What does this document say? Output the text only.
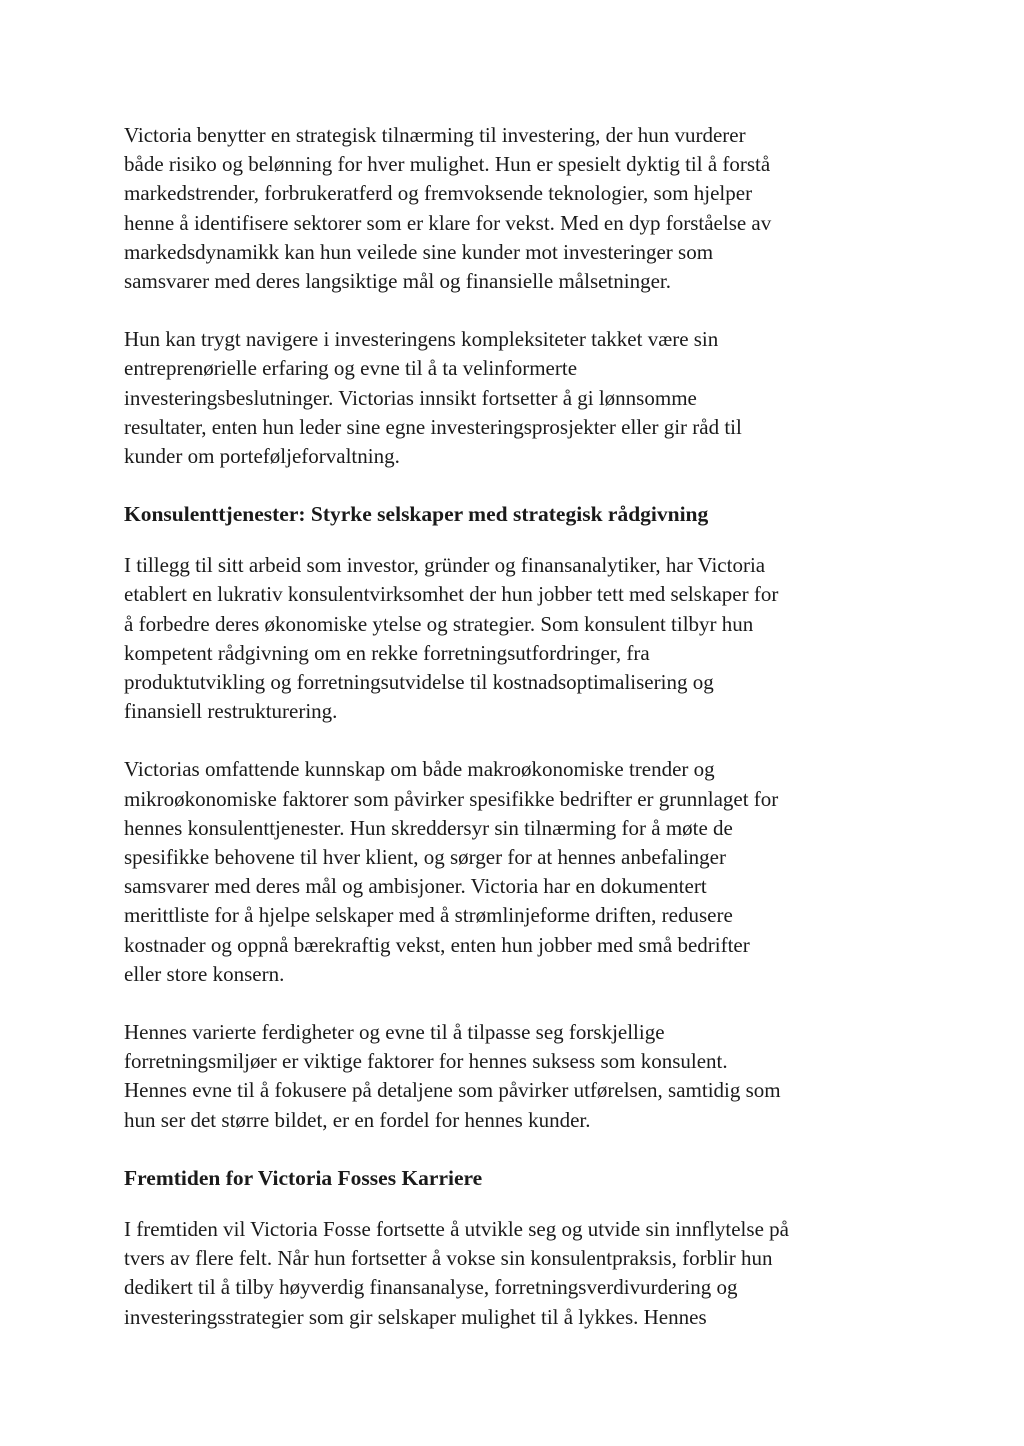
Victoria benytter en strategisk tilnærming til investering, der hun vurderer
både risiko og belønning for hver mulighet. Hun er spesielt dyktig til å forstå
markedstrender, forbrukeratferd og fremvoksende teknologier, som hjelper
henne å identifisere sektorer som er klare for vekst. Med en dyp forståelse av
markedsdynamikk kan hun veilede sine kunder mot investeringer som
samsvarer med deres langsiktige mål og finansielle målsetninger.

Hun kan trygt navigere i investeringens kompleksiteter takket være sin
entreprenørielle erfaring og evne til å ta velinformerte
investeringsbeslutninger. Victorias innsikt fortsetter å gi lønnsomme
resultater, enten hun leder sine egne investeringsprosjekter eller gir råd til
kunder om porteføljeforvaltning.

Konsulenttjenester: Styrke selskaper med strategisk rådgivning

I tillegg til sitt arbeid som investor, gründer og finansanalytiker, har Victoria
etablert en lukrativ konsulentvirksomhet der hun jobber tett med selskaper for
å forbedre deres økonomiske ytelse og strategier. Som konsulent tilbyr hun
kompetent rådgivning om en rekke forretningsutfordringer, fra
produktutvikling og forretningsutvidelse til kostnadsoptimalisering og
finansiell restrukturering.

Victorias omfattende kunnskap om både makroøkonomiske trender og
mikroøkonomiske faktorer som påvirker spesifikke bedrifter er grunnlaget for
hennes konsulenttjenester. Hun skreddersyr sin tilnærming for å møte de
spesifikke behovene til hver klient, og sørger for at hennes anbefalinger
samsvarer med deres mål og ambisjoner. Victoria har en dokumentert
merittliste for å hjelpe selskaper med å strømlinjeforme driften, redusere
kostnader og oppnå bærekraftig vekst, enten hun jobber med små bedrifter
eller store konsern.

Hennes varierte ferdigheter og evne til å tilpasse seg forskjellige
forretningsmiljøer er viktige faktorer for hennes suksess som konsulent.
Hennes evne til å fokusere på detaljene som påvirker utførelsen, samtidig som
hun ser det større bildet, er en fordel for hennes kunder.

Fremtiden for Victoria Fosses Karriere

I fremtiden vil Victoria Fosse fortsette å utvikle seg og utvide sin innflytelse på
tvers av flere felt. Når hun fortsetter å vokse sin konsulentpraksis, forblir hun
dedikert til å tilby høyverdig finansanalyse, forretningsverdivurdering og
investeringsstrategier som gir selskaper mulighet til å lykkes. Hennes
